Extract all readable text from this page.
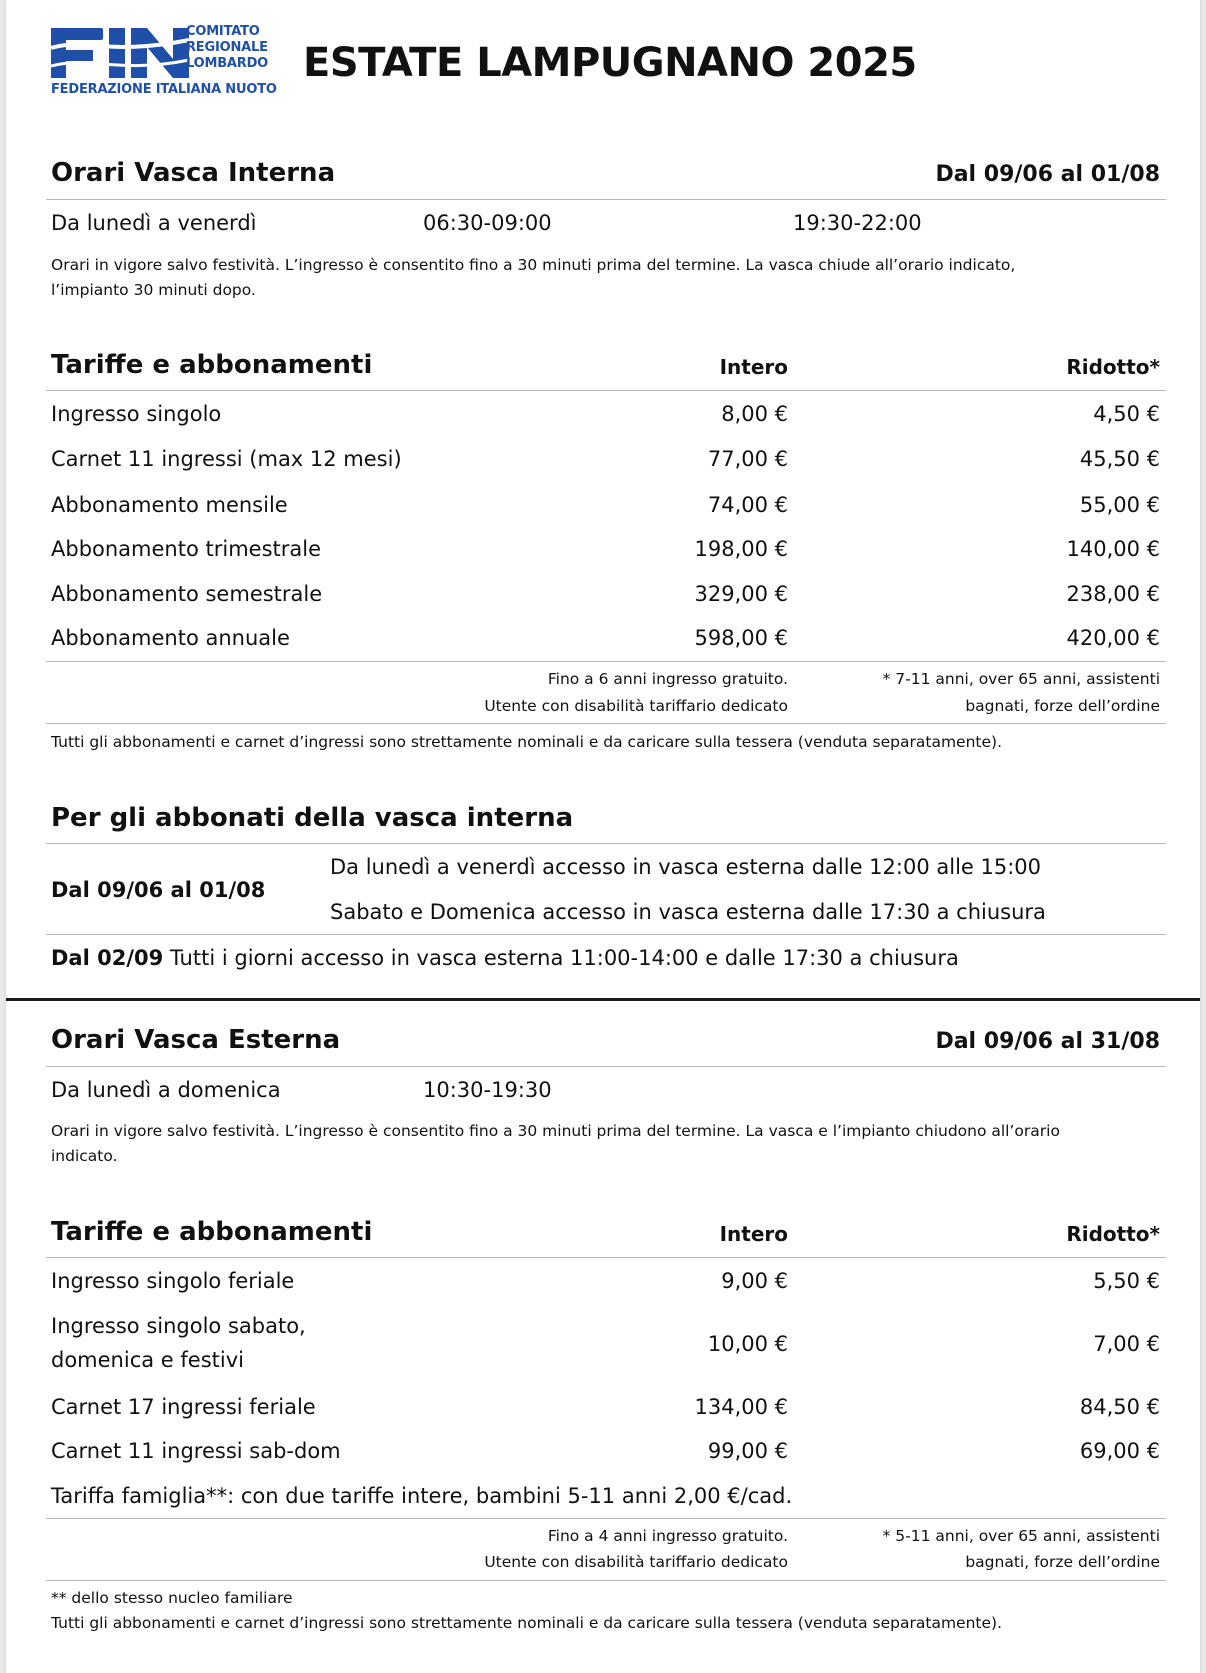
COMITATO
REGIONALE
LOMBARDO
FEDERAZIONE ITALIANA NUOTO
ESTATE LAMPUGNANO 2025
Orari Vasca Interna	Dal 09/06 al 01/08
Da lunedì a venerdì	06:30-09:00	19:30-22:00
Orari in vigore salvo festività. L’ingresso è consentito fino a 30 minuti prima del termine. La vasca chiude all’orario indicato,
l’impianto 30 minuti dopo.
Tariffe e abbonamenti	Intero	Ridotto*
Ingresso singolo	8,00 €	4,50 €
Carnet 11 ingressi (max 12 mesi)	77,00 €	45,50 €
Abbonamento mensile	74,00 €	55,00 €
Abbonamento trimestrale	198,00 €	140,00 €
Abbonamento semestrale	329,00 €	238,00 €
Abbonamento annuale	598,00 €	420,00 €
Fino a 6 anni ingresso gratuito.
Utente con disabilità tariffario dedicato
* 7-11 anni, over 65 anni, assistenti
bagnati, forze dell’ordine
Tutti gli abbonamenti e carnet d’ingressi sono strettamente nominali e da caricare sulla tessera (venduta separatamente).
Per gli abbonati della vasca interna
Dal 09/06 al 01/08
Da lunedì a venerdì accesso in vasca esterna dalle 12:00 alle 15:00
Sabato e Domenica accesso in vasca esterna dalle 17:30 a chiusura
Dal 02/09 Tutti i giorni accesso in vasca esterna 11:00-14:00 e dalle 17:30 a chiusura
Orari Vasca Esterna	Dal 09/06 al 31/08
Da lunedì a domenica	10:30-19:30
Orari in vigore salvo festività. L’ingresso è consentito fino a 30 minuti prima del termine. La vasca e l’impianto chiudono all’orario
indicato.
Tariffe e abbonamenti	Intero	Ridotto*
Ingresso singolo feriale	9,00 €	5,50 €
Ingresso singolo sabato,
domenica e festivi
10,00 €	7,00 €
Carnet 17 ingressi feriale	134,00 €	84,50 €
Carnet 11 ingressi sab-dom	99,00 €	69,00 €
Tariffa famiglia**: con due tariffe intere, bambini 5-11 anni 2,00 €/cad.
Fino a 4 anni ingresso gratuito.
Utente con disabilità tariffario dedicato
* 5-11 anni, over 65 anni, assistenti
bagnati, forze dell’ordine
** dello stesso nucleo familiare
Tutti gli abbonamenti e carnet d’ingressi sono strettamente nominali e da caricare sulla tessera (venduta separatamente).
